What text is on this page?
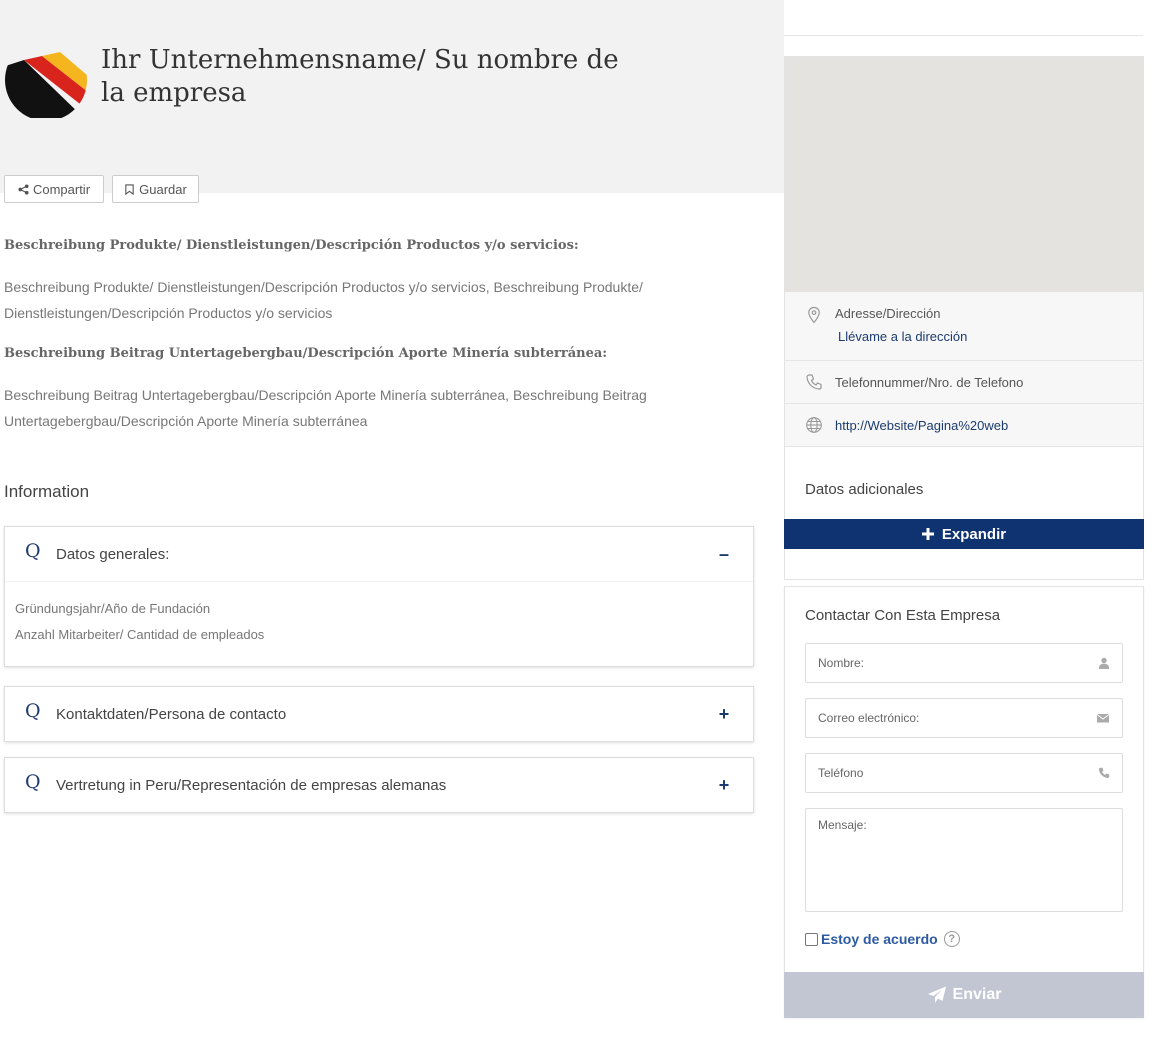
Ihr Unternehmensname/ Su nombre de la empresa
Compartir	Guardar
Beschreibung Produkte/ Dienstleistungen/Descripción Productos y/o servicios:
Beschreibung Produkte/ Dienstleistungen/Descripción Productos y/o servicios, Beschreibung Produkte/ Dienstleistungen/Descripción Productos y/o servicios
Beschreibung Beitrag Untertagebergbau/Descripción Aporte Minería subterránea:
Beschreibung Beitrag Untertagebergbau/Descripción Aporte Minería subterránea, Beschreibung Beitrag Untertagebergbau/Descripción Aporte Minería subterránea
Information
Q	Datos generales:	–
Gründungsjahr/Año de Fundación
Anzahl Mitarbeiter/ Cantidad de empleados
Q	Kontaktdaten/Persona de contacto	+
Q	Vertretung in Peru/Representación de empresas alemanas	+
Adresse/Dirección
Llévame a la dirección
Telefonnummer/Nro. de Telefono
http://Website/Pagina%20web
Datos adicionales
Expandir
Contactar Con Esta Empresa
Nombre:
Correo electrónico:
Teléfono
Mensaje:
Estoy de acuerdo ?
Enviar
